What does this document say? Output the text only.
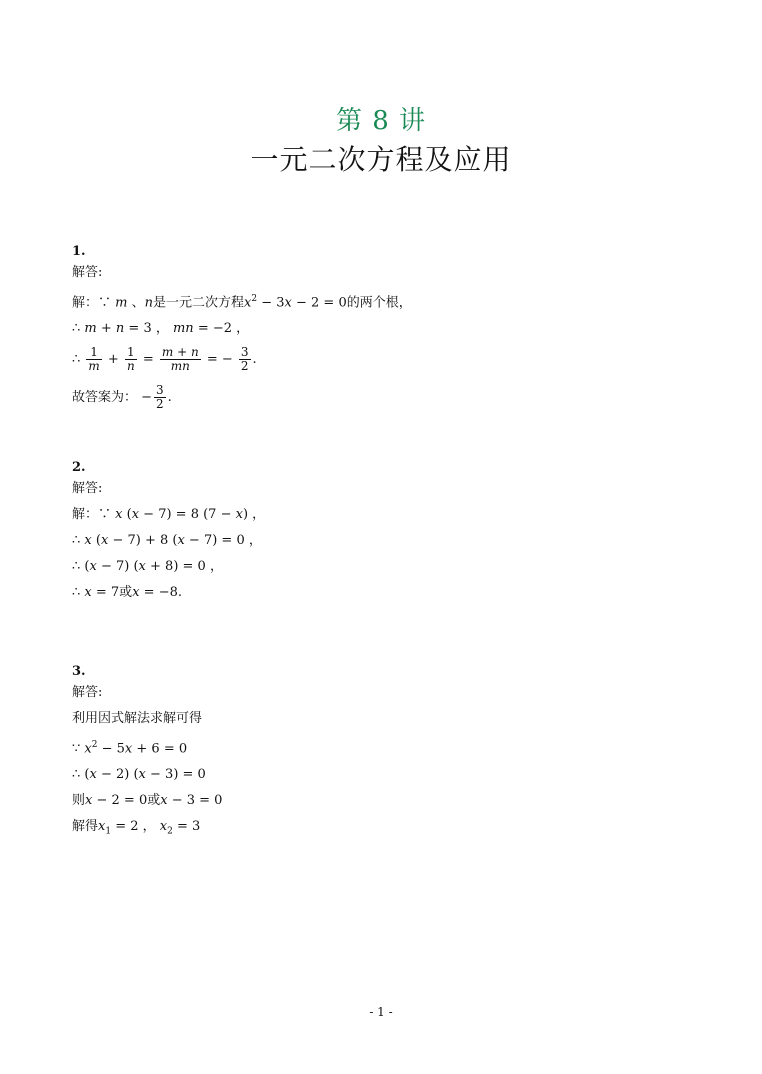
第 8 讲
一元二次方程及应用
1.
解答:
解：∵ m 、n是一元二次方程$x^2 - 3x - 2 = 0$的两个根，
∴ m + n = 3 ， mn = −2 ，
∴ $\frac{1}{m} + \frac{1}{n} = \frac{m + n}{mn}$ = − $\frac{3}{2}$ .
故答案为： − $\frac{3}{2}$ .
2.
解答:
解：∵ x (x − 7) = 8 (7 − x) ，
∴ x (x − 7) + 8 (x − 7) = 0 ，
∴ (x − 7) (x + 8) = 0 ，
∴ x = 7或x = −8.
3.
解答:
利用因式解法求解可得
∵ $x^2 - 5x + 6 = 0$
∴ (x − 2) (x − 3) = 0
则x − 2 = 0或x − 3 = 0
解得$x_1 = 2$ ， $x_2 = 3$
- 1 -
